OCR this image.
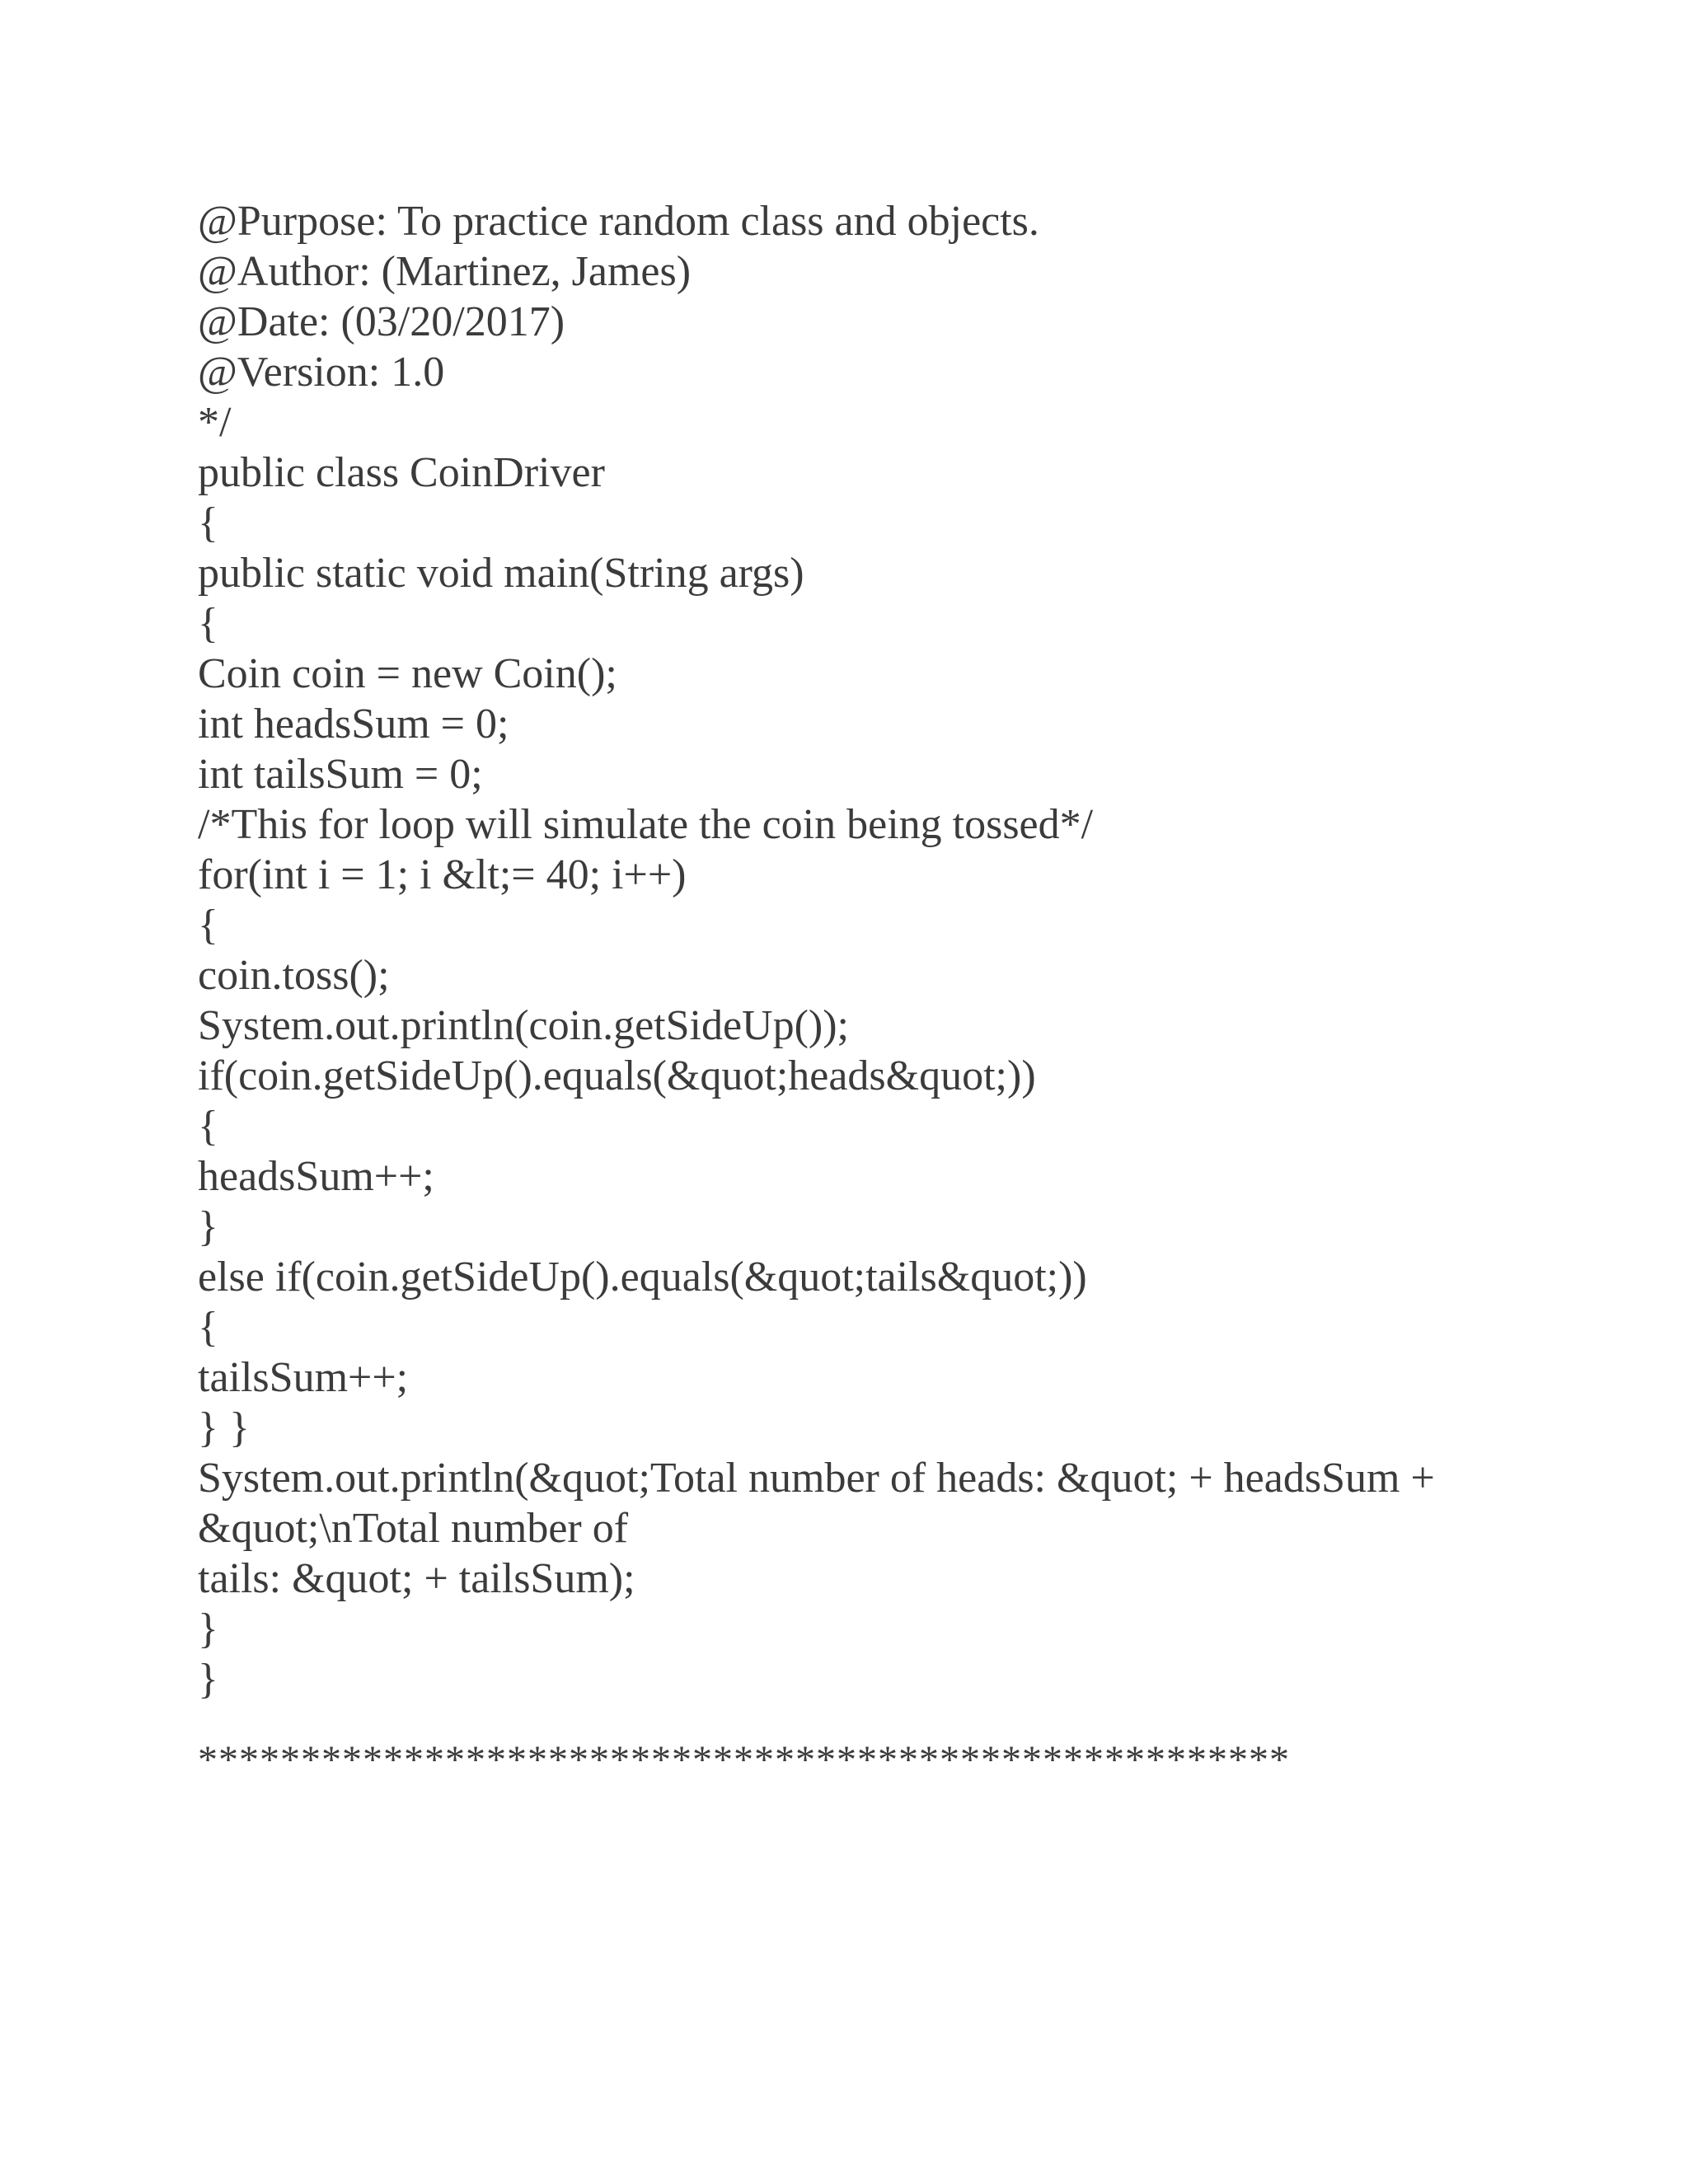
@Purpose: To practice random class and objects.
@Author: (Martinez, James)
@Date: (03/20/2017)
@Version: 1.0
*/
public class CoinDriver
{
public static void main(String args)
{
Coin coin = new Coin();
int headsSum = 0;
int tailsSum = 0;
/*This for loop will simulate the coin being tossed*/
for(int i = 1; i &lt;= 40; i++)
{
coin.toss();
System.out.println(coin.getSideUp());
if(coin.getSideUp().equals(&quot;heads&quot;))
{
headsSum++;
}
else if(coin.getSideUp().equals(&quot;tails&quot;))
{
tailsSum++;
} }
System.out.println(&quot;Total number of heads: &quot; + headsSum +
&quot;\nTotal number of
tails: &quot; + tailsSum);
}
}
*****************************************************
